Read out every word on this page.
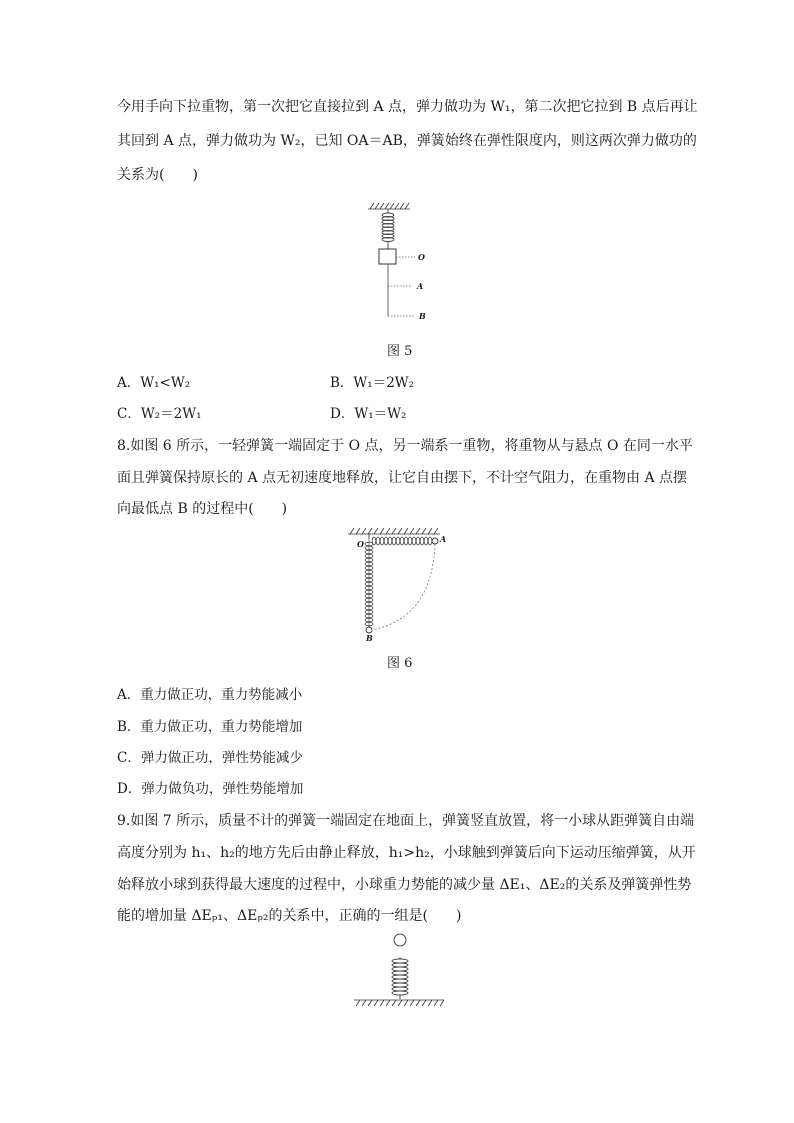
今用手向下拉重物，第一次把它直接拉到 A 点，弹力做功为 W₁，第二次把它拉到 B 点后再让
其回到 A 点，弹力做功为 W₂，已知 OA＝AB，弹簧始终在弹性限度内，则这两次弹力做功的
关系为(　　)
O
A
B
图 5
A．W₁<W₂	B．W₁＝2W₂
C．W₂＝2W₁	D．W₁＝W₂
8.如图 6 所示，一轻弹簧一端固定于 O 点，另一端系一重物，将重物从与悬点 O 在同一水平
面且弹簧保持原长的 A 点无初速度地释放，让它自由摆下，不计空气阻力，在重物由 A 点摆
向最低点 B 的过程中(　　)
O	A
B
图 6
A．重力做正功，重力势能减小
B．重力做正功，重力势能增加
C．弹力做正功，弹性势能减少
D．弹力做负功，弹性势能增加
9.如图 7 所示，质量不计的弹簧一端固定在地面上，弹簧竖直放置，将一小球从距弹簧自由端
高度分别为 h₁、h₂的地方先后由静止释放，h₁>h₂，小球触到弹簧后向下运动压缩弹簧，从开
始释放小球到获得最大速度的过程中，小球重力势能的减少量 ΔE₁、ΔE₂的关系及弹簧弹性势
能的增加量 ΔEₚ₁、ΔEₚ₂的关系中，正确的一组是(　　)
